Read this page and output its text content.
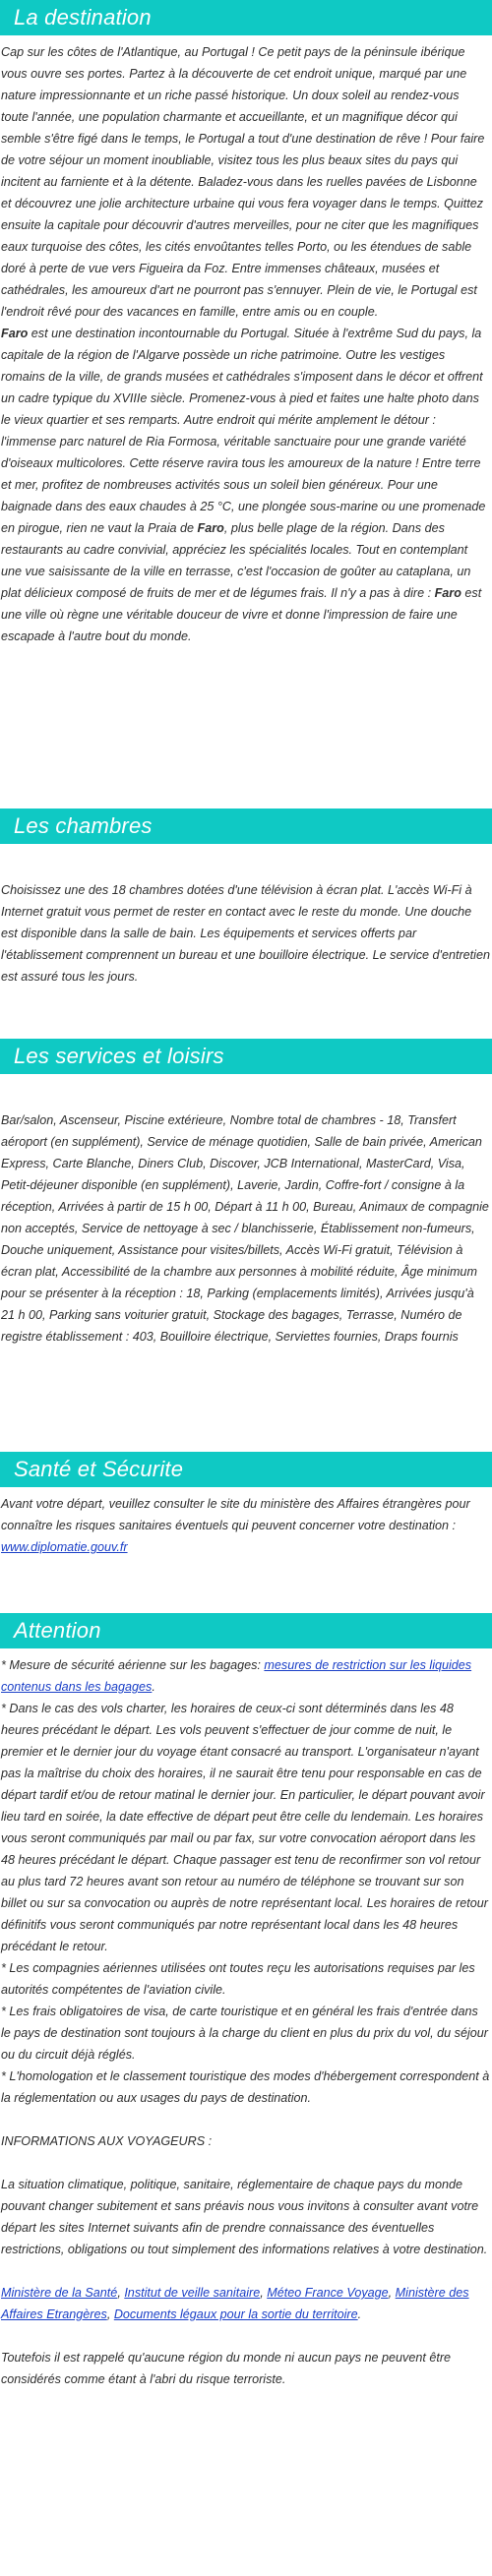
La destination

Cap sur les côtes de l'Atlantique, au Portugal ! Ce petit pays de la péninsule ibérique vous ouvre ses portes. Partez à la découverte de cet endroit unique, marqué par une nature impressionnante et un riche passé historique. Un doux soleil au rendez-vous toute l'année, une population charmante et accueillante, et un magnifique décor qui semble s'être figé dans le temps, le Portugal a tout d'une destination de rêve ! Pour faire de votre séjour un moment inoubliable, visitez tous les plus beaux sites du pays qui incitent au farniente et à la détente. Baladez-vous dans les ruelles pavées de Lisbonne et découvrez une jolie architecture urbaine qui vous fera voyager dans le temps. Quittez ensuite la capitale pour découvrir d'autres merveilles, pour ne citer que les magnifiques eaux turquoise des côtes, les cités envoûtantes telles Porto, ou les étendues de sable doré à perte de vue vers Figueira da Foz. Entre immenses châteaux, musées et cathédrales, les amoureux d'art ne pourront pas s'ennuyer. Plein de vie, le Portugal est l'endroit rêvé pour des vacances en famille, entre amis ou en couple.

Faro est une destination incontournable du Portugal. Située à l'extrême Sud du pays, la capitale de la région de l'Algarve possède un riche patrimoine. Outre les vestiges romains de la ville, de grands musées et cathédrales s'imposent dans le décor et offrent un cadre typique du XVIIIe siècle. Promenez-vous à pied et faites une halte photo dans le vieux quartier et ses remparts. Autre endroit qui mérite amplement le détour : l'immense parc naturel de Ria Formosa, véritable sanctuaire pour une grande variété d'oiseaux multicolores. Cette réserve ravira tous les amoureux de la nature ! Entre terre et mer, profitez de nombreuses activités sous un soleil bien généreux. Pour une baignade dans des eaux chaudes à 25 °C, une plongée sous-marine ou une promenade en pirogue, rien ne vaut la Praia de Faro, plus belle plage de la région. Dans des restaurants au cadre convivial, appréciez les spécialités locales. Tout en contemplant une vue saisissante de la ville en terrasse, c'est l'occasion de goûter au cataplana, un plat délicieux composé de fruits de mer et de légumes frais. Il n'y a pas à dire : Faro est une ville où règne une véritable douceur de vivre et donne l'impression de faire une escapade à l'autre bout du monde.

Les chambres

Choisissez une des 18 chambres dotées d'une télévision à écran plat. L'accès Wi-Fi à Internet gratuit vous permet de rester en contact avec le reste du monde. Une douche est disponible dans la salle de bain. Les équipements et services offerts par l'établissement comprennent un bureau et une bouilloire électrique. Le service d'entretien est assuré tous les jours.

Les services et loisirs

Bar/salon, Ascenseur, Piscine extérieure, Nombre total de chambres - 18, Transfert aéroport (en supplément), Service de ménage quotidien, Salle de bain privée, American Express, Carte Blanche, Diners Club, Discover, JCB International, MasterCard, Visa, Petit-déjeuner disponible (en supplément), Laverie, Jardin, Coffre-fort / consigne à la réception, Arrivées à partir de 15 h 00, Départ à 11 h 00, Bureau, Animaux de compagnie non acceptés, Service de nettoyage à sec / blanchisserie, Établissement non-fumeurs, Douche uniquement, Assistance pour visites/billets, Accès Wi-Fi gratuit, Télévision à écran plat, Accessibilité de la chambre aux personnes à mobilité réduite, Âge minimum pour se présenter à la réception : 18, Parking (emplacements limités), Arrivées jusqu'à 21 h 00, Parking sans voiturier gratuit, Stockage des bagages, Terrasse, Numéro de registre établissement : 403, Bouilloire électrique, Serviettes fournies, Draps fournis

Santé et Sécurite

Avant votre départ, veuillez consulter le site du ministère des Affaires étrangères pour connaître les risques sanitaires éventuels qui peuvent concerner votre destination : www.diplomatie.gouv.fr

Attention

* Mesure de sécurité aérienne sur les bagages: mesures de restriction sur les liquides contenus dans les bagages.

* Dans le cas des vols charter, les horaires de ceux-ci sont déterminés dans les 48 heures précédant le départ. Les vols peuvent s'effectuer de jour comme de nuit, le premier et le dernier jour du voyage étant consacré au transport. L'organisateur n'ayant pas la maîtrise du choix des horaires, il ne saurait être tenu pour responsable en cas de départ tardif et/ou de retour matinal le dernier jour. En particulier, le départ pouvant avoir lieu tard en soirée, la date effective de départ peut être celle du lendemain. Les horaires vous seront communiqués par mail ou par fax, sur votre convocation aéroport dans les 48 heures précédant le départ. Chaque passager est tenu de reconfirmer son vol retour au plus tard 72 heures avant son retour au numéro de téléphone se trouvant sur son billet ou sur sa convocation ou auprès de notre représentant local. Les horaires de retour définitifs vous seront communiqués par notre représentant local dans les 48 heures précédant le retour.

* Les compagnies aériennes utilisées ont toutes reçu les autorisations requises par les autorités compétentes de l'aviation civile.

* Les frais obligatoires de visa, de carte touristique et en général les frais d'entrée dans le pays de destination sont toujours à la charge du client en plus du prix du vol, du séjour ou du circuit déjà réglés.

* L'homologation et le classement touristique des modes d'hébergement correspondent à la réglementation ou aux usages du pays de destination.

INFORMATIONS AUX VOYAGEURS :

La situation climatique, politique, sanitaire, réglementaire de chaque pays du monde pouvant changer subitement et sans préavis nous vous invitons à consulter avant votre départ les sites Internet suivants afin de prendre connaissance des éventuelles restrictions, obligations ou tout simplement des informations relatives à votre destination.

Ministère de la Santé, Institut de veille sanitaire, Méteo France Voyage, Ministère des Affaires Etrangères, Documents légaux pour la sortie du territoire.

Toutefois il est rappelé qu'aucune région du monde ni aucun pays ne peuvent être considérés comme étant à l'abri du risque terroriste.
